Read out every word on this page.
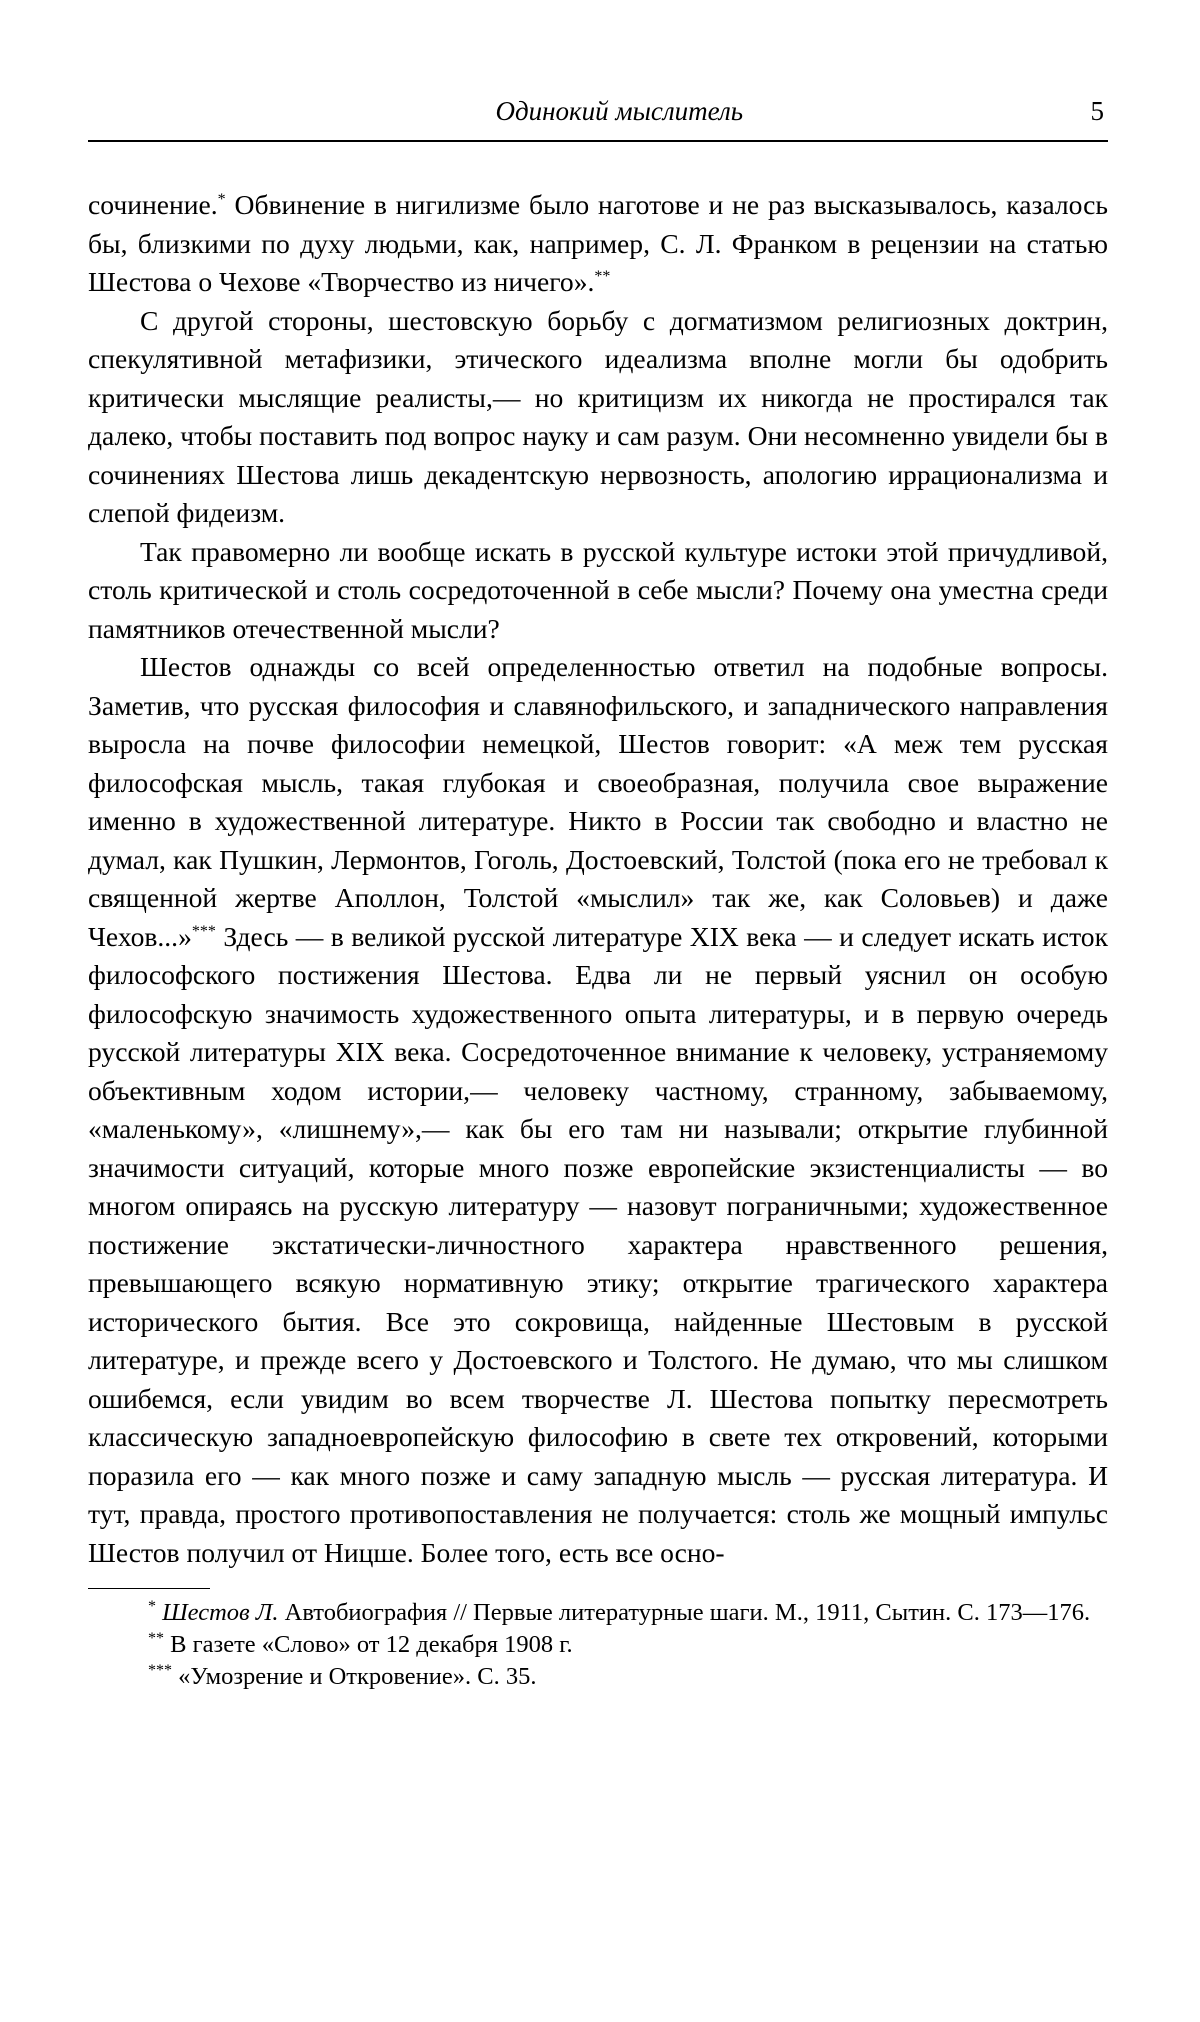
Одинокий мыслитель	5

сочинение.* Обвинение в нигилизме было наготове и не раз высказывалось, казалось бы, близкими по духу людьми, как, например, С. Л. Франком в рецензии на статью Шестова о Чехове «Творчество из ничего».**

С другой стороны, шестовскую борьбу с догматизмом религиозных доктрин, спекулятивной метафизики, этического идеализма вполне могли бы одобрить критически мыслящие реалисты,— но критицизм их никогда не простирался так далеко, чтобы поставить под вопрос науку и сам разум. Они несомненно увидели бы в сочинениях Шестова лишь декадентскую нервозность, апологию иррационализма и слепой фидеизм.

Так правомерно ли вообще искать в русской культуре истоки этой причудливой, столь критической и столь сосредоточенной в себе мысли? Почему она уместна среди памятников отечественной мысли?

Шестов однажды со всей определенностью ответил на подобные вопросы. Заметив, что русская философия и славянофильского, и западнического направления выросла на почве философии немецкой, Шестов говорит: «А меж тем русская философская мысль, такая глубокая и своеобразная, получила свое выражение именно в художественной литературе. Никто в России так свободно и властно не думал, как Пушкин, Лермонтов, Гоголь, Достоевский, Толстой (пока его не требовал к священной жертве Аполлон, Толстой «мыслил» так же, как Соловьев) и даже Чехов...»*** Здесь — в великой русской литературе XIX века — и следует искать исток философского постижения Шестова. Едва ли не первый уяснил он особую философскую значимость художественного опыта литературы, и в первую очередь русской литературы XIX века. Сосредоточенное внимание к человеку, устраняемому объективным ходом истории,— человеку частному, странному, забываемому, «маленькому», «лишнему»,— как бы его там ни называли; открытие глубинной значимости ситуаций, которые много позже европейские экзистенциалисты — во многом опираясь на русскую литературу — назовут пограничными; художественное постижение экстатически-личностного характера нравственного решения, превышающего всякую нормативную этику; открытие трагического характера исторического бытия. Все это сокровища, найденные Шестовым в русской литературе, и прежде всего у Достоевского и Толстого. Не думаю, что мы слишком ошибемся, если увидим во всем творчестве Л. Шестова попытку пересмотреть классическую западноевропейскую философию в свете тех откровений, которыми поразила его — как много позже и саму западную мысль — русская литература. И тут, правда, простого противопоставления не получается: столь же мощный импульс Шестов получил от Ницше. Более того, есть все осно-

* Шестов Л. Автобиография // Первые литературные шаги. М., 1911, Сытин. С. 173—176.

** В газете «Слово» от 12 декабря 1908 г.

*** «Умозрение и Откровение». С. 35.
